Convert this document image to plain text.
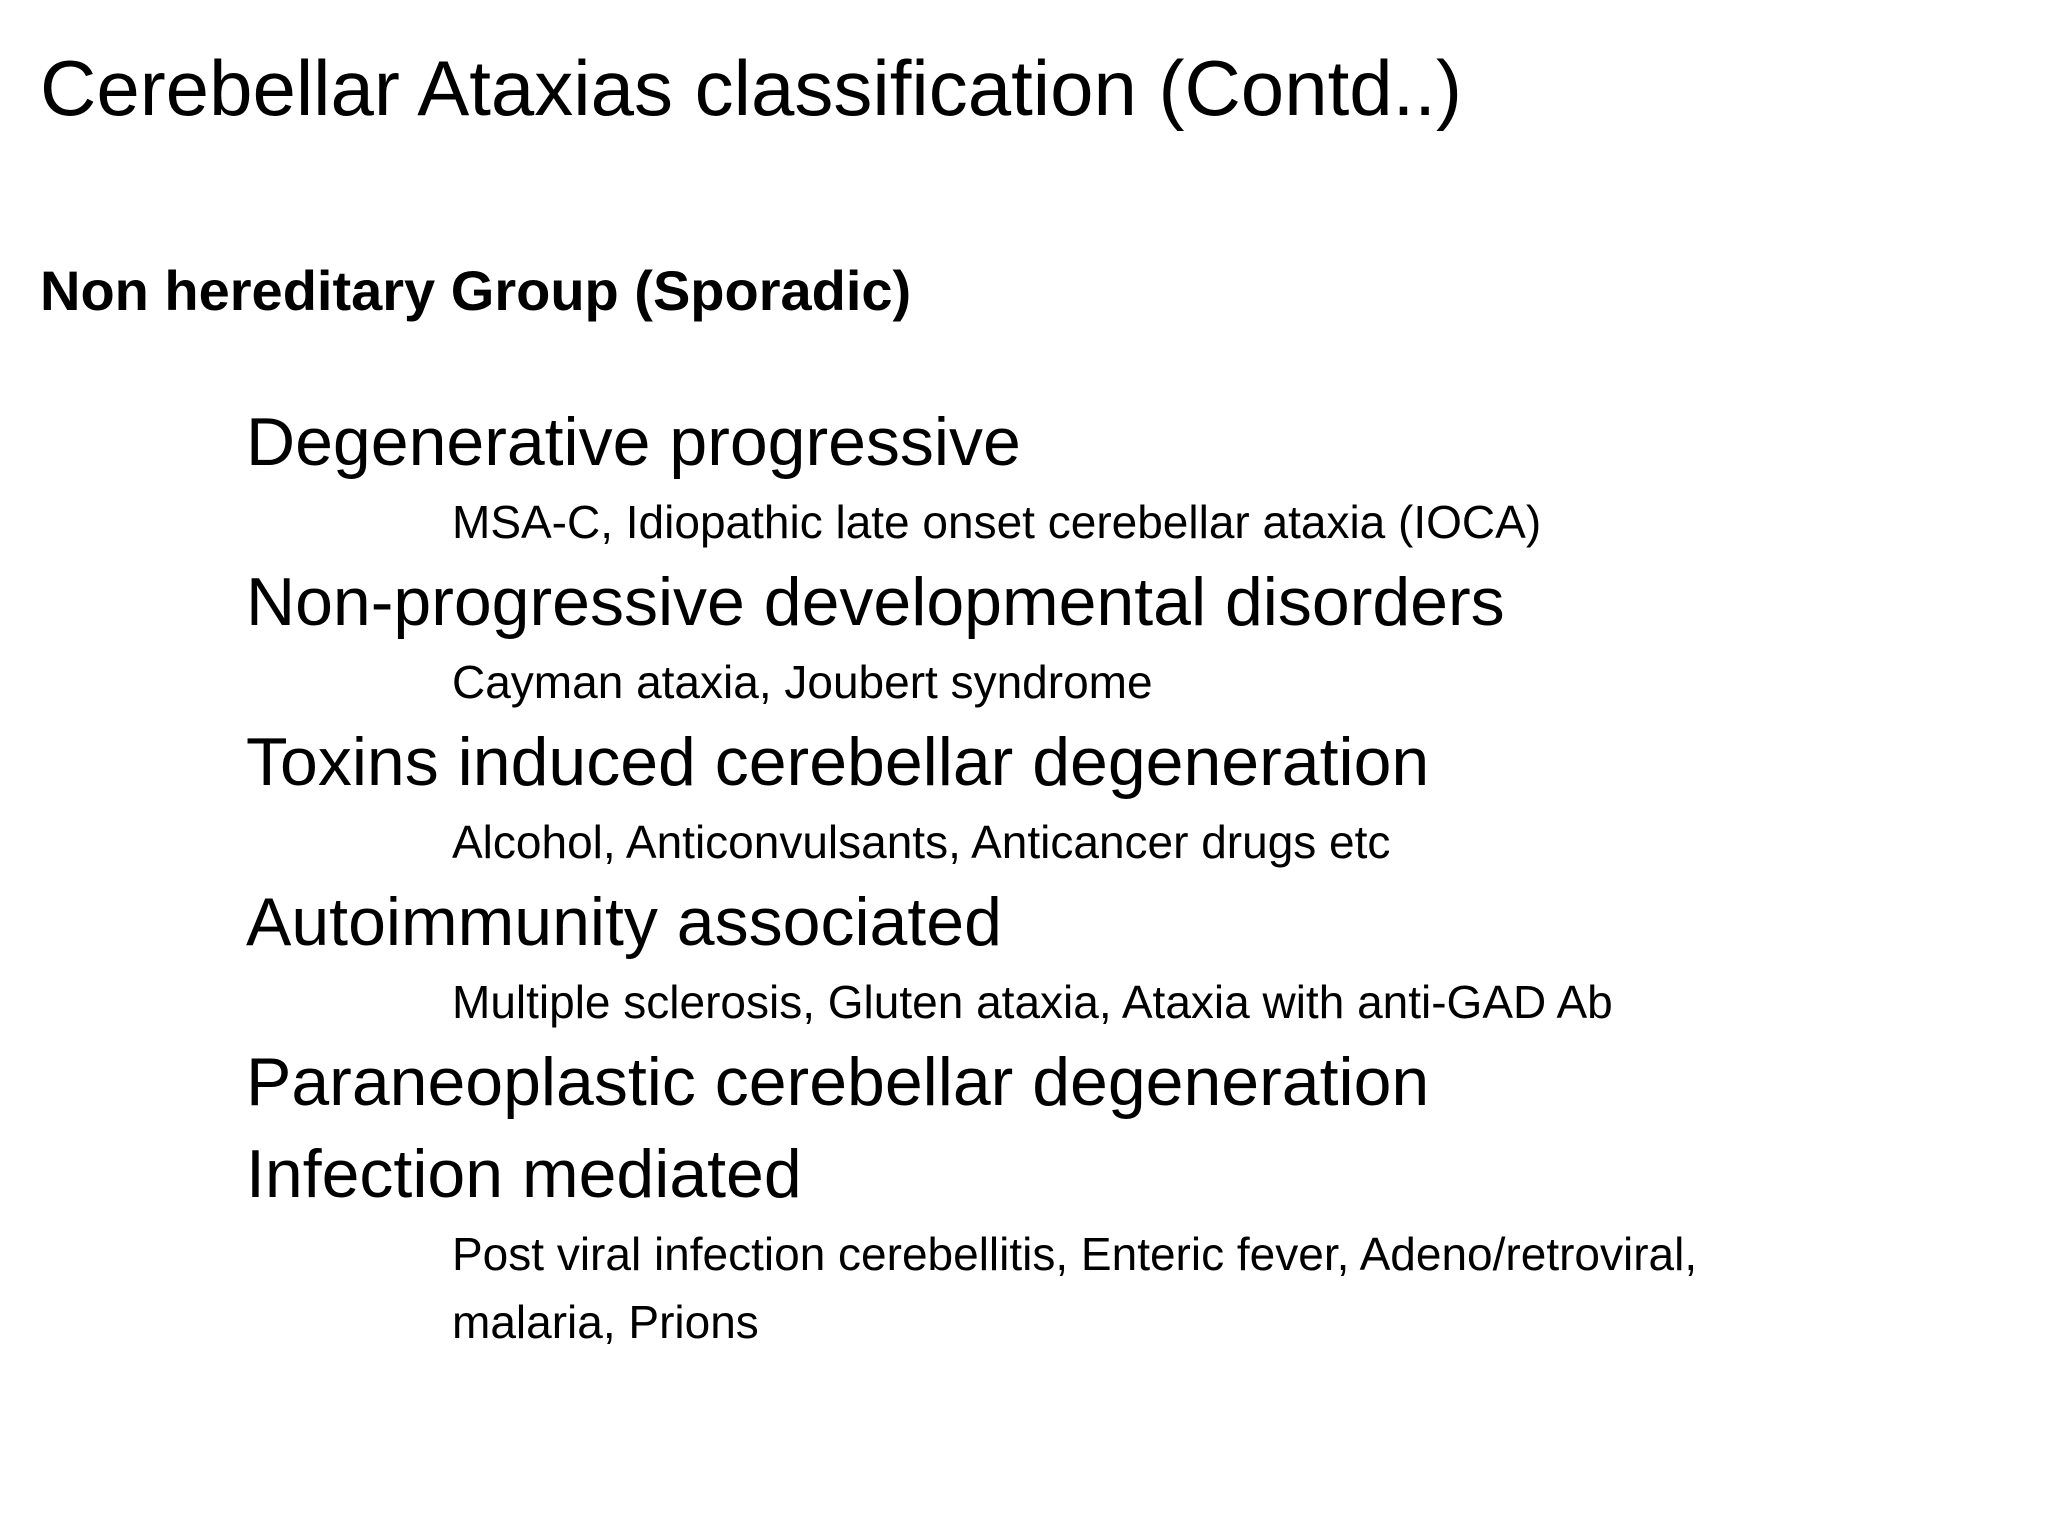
Cerebellar Ataxias classification (Contd..)
Non hereditary Group (Sporadic)
Degenerative progressive
MSA-C, Idiopathic late onset cerebellar ataxia (IOCA)
Non-progressive developmental disorders
Cayman ataxia, Joubert syndrome
Toxins induced cerebellar degeneration
Alcohol, Anticonvulsants, Anticancer drugs etc
Autoimmunity associated
Multiple sclerosis, Gluten ataxia, Ataxia with anti-GAD Ab
Paraneoplastic cerebellar degeneration
Infection mediated
Post viral infection cerebellitis, Enteric fever, Adeno/retroviral,
malaria, Prions
